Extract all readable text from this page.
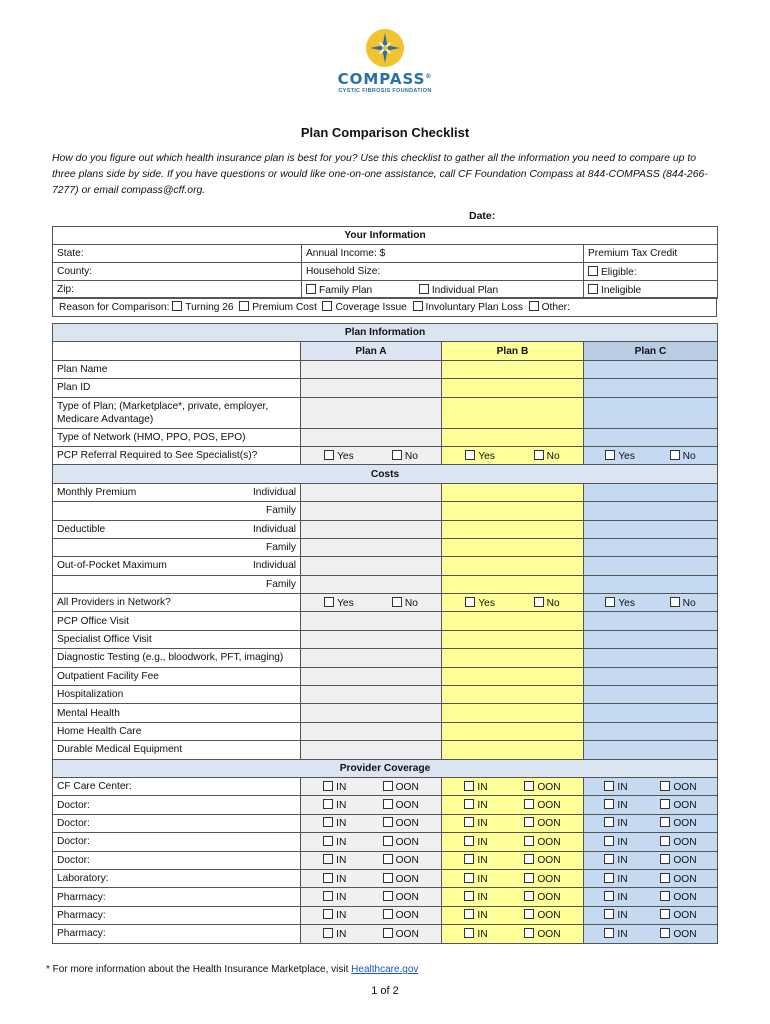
COMPASS®
CYSTIC FIBROSIS FOUNDATION
Plan Comparison Checklist
How do you figure out which health insurance plan is best for you? Use this checklist to gather all the information you need to compare up to three plans side by side. If you have questions or would like one-on-one assistance, call CF Foundation Compass at 844-COMPASS (844-266-7277) or email compass@cff.org.
Date:
Your Information		
State:	Annual Income: $	Premium Tax Credit
County:	Household Size:	Eligible:
Zip:	Family Plan Individual Plan	Ineligible
Reason for Comparison: Turning 26 Premium Cost Coverage Issue Involuntary Plan Loss Other:
Plan Information			
	Plan A	Plan B	Plan C
Plan Name			
Plan ID			
Type of Plan; (Marketplace*, private, employer, Medicare Advantage)			
Type of Network (HMO, PPO, POS, EPO)			
PCP Referral Required to See Specialist(s)?	Yes No	Yes No	Yes No

Costs			

Monthly Premium Individual			

Family			

Deductible Individual			

Family			

Out-of-Pocket Maximum Individual			

Family			
All Providers in Network?	Yes No	Yes No	Yes No

PCP Office Visit			
Specialist Office Visit			
Diagnostic Testing (e.g., bloodwork, PFT, imaging)			
Outpatient Facility Fee			
Hospitalization			
Mental Health			
Home Health Care			
Durable Medical Equipment			
Provider Coverage			
CF Care Center:	IN OON	IN OON	IN OON

Doctor:	IN OON	IN OON	IN OON

Doctor:	IN OON	IN OON	IN OON

Doctor:	IN OON	IN OON	IN OON

Doctor:	IN OON	IN OON	IN OON

Laboratory:	IN OON	IN OON	IN OON

Pharmacy:	IN OON	IN OON	IN OON

Pharmacy:	IN OON	IN OON	IN OON

Pharmacy:	IN OON	IN OON	IN OON
* For more information about the Health Insurance Marketplace, visit Healthcare.gov
1 of 2
